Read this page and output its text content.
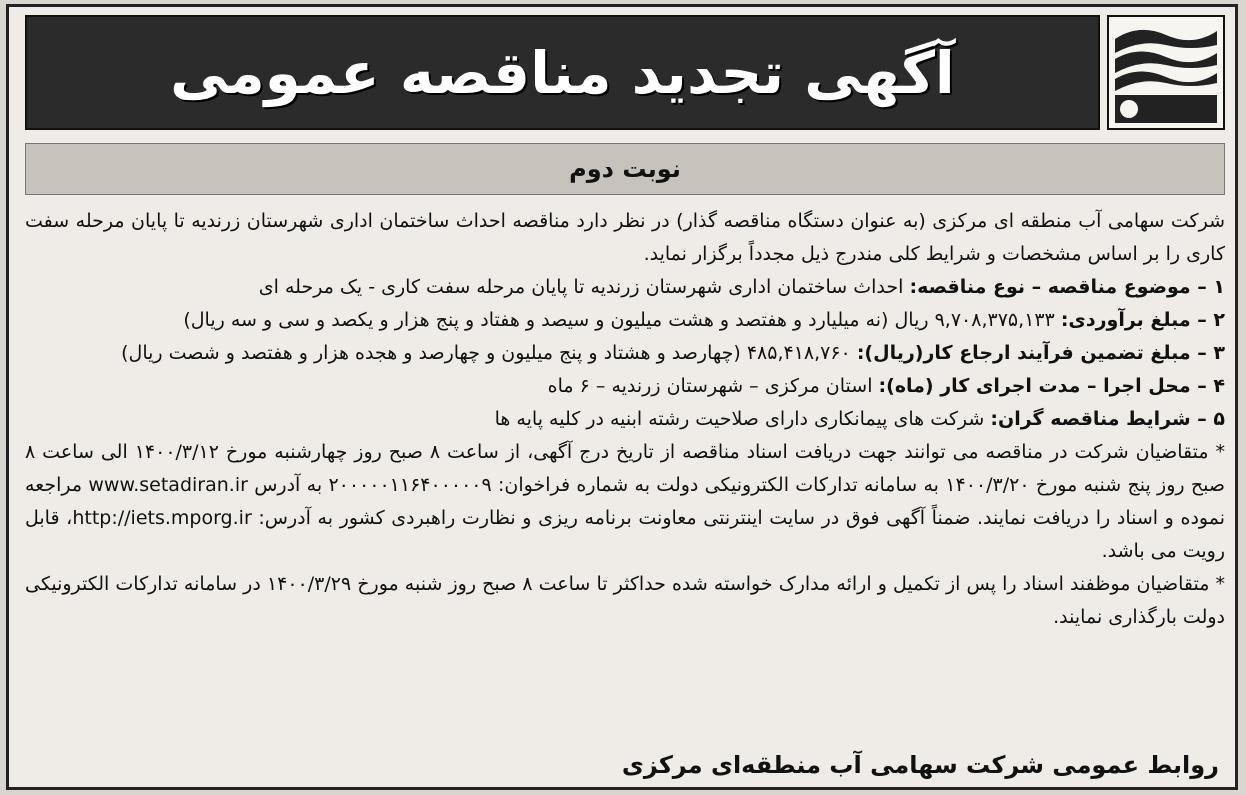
آگهی تجدید مناقصه عمومی
نوبت دوم

شرکت سهامی آب منطقه ای مرکزی (به عنوان دستگاه مناقصه گذار) در نظر دارد مناقصه احداث ساختمان اداری شهرستان زرندیه تا پایان مرحله سفت کاری را بر اساس مشخصات و شرایط کلی مندرج ذیل مجدداً برگزار نماید.

۱ – موضوع مناقصه – نوع مناقصه: احداث ساختمان اداری شهرستان زرندیه تا پایان مرحله سفت کاری - یک مرحله ای

۲ – مبلغ برآوردی: ۹,۷۰۸,۳۷۵,۱۳۳ ریال (نه میلیارد و هفتصد و هشت میلیون و سیصد و هفتاد و پنج هزار و یکصد و سی و سه ریال)

۳ – مبلغ تضمین فرآیند ارجاع کار(ریال): ۴۸۵,۴۱۸,۷۶۰ (چهارصد و هشتاد و پنج میلیون و چهارصد و هجده هزار و هفتصد و شصت ریال)

۴ – محل اجرا – مدت اجرای کار (ماه): استان مرکزی – شهرستان زرندیه – ۶ ماه

۵ – شرایط مناقصه گران: شرکت های پیمانکاری دارای صلاحیت رشته ابنیه در کلیه پایه ها

* متقاضیان شرکت در مناقصه می توانند جهت دریافت اسناد مناقصه از تاریخ درج آگهی، از ساعت ۸ صبح روز چهارشنبه مورخ ۱۴۰۰/۳/۱۲ الی ساعت ۸ صبح روز پنج شنبه مورخ ۱۴۰۰/۳/۲۰ به سامانه تدارکات الکترونیکی دولت به شماره فراخوان: ۲۰۰۰۰۰۱۱۶۴۰۰۰۰۰۹ به آدرس www.setadiran.ir مراجعه نموده و اسناد را دریافت نمایند. ضمناً آگهی فوق در سایت اینترنتی معاونت برنامه ریزی و نظارت راهبردی کشور به آدرس: http://iets.mporg.ir، قابل رویت می باشد.

* متقاضیان موظفند اسناد را پس از تکمیل و ارائه مدارک خواسته شده حداکثر تا ساعت ۸ صبح روز شنبه مورخ ۱۴۰۰/۳/۲۹ در سامانه تدارکات الکترونیکی دولت بارگذاری نمایند.

روابط عمومی شرکت سهامی آب منطقه‌ای مرکزی
